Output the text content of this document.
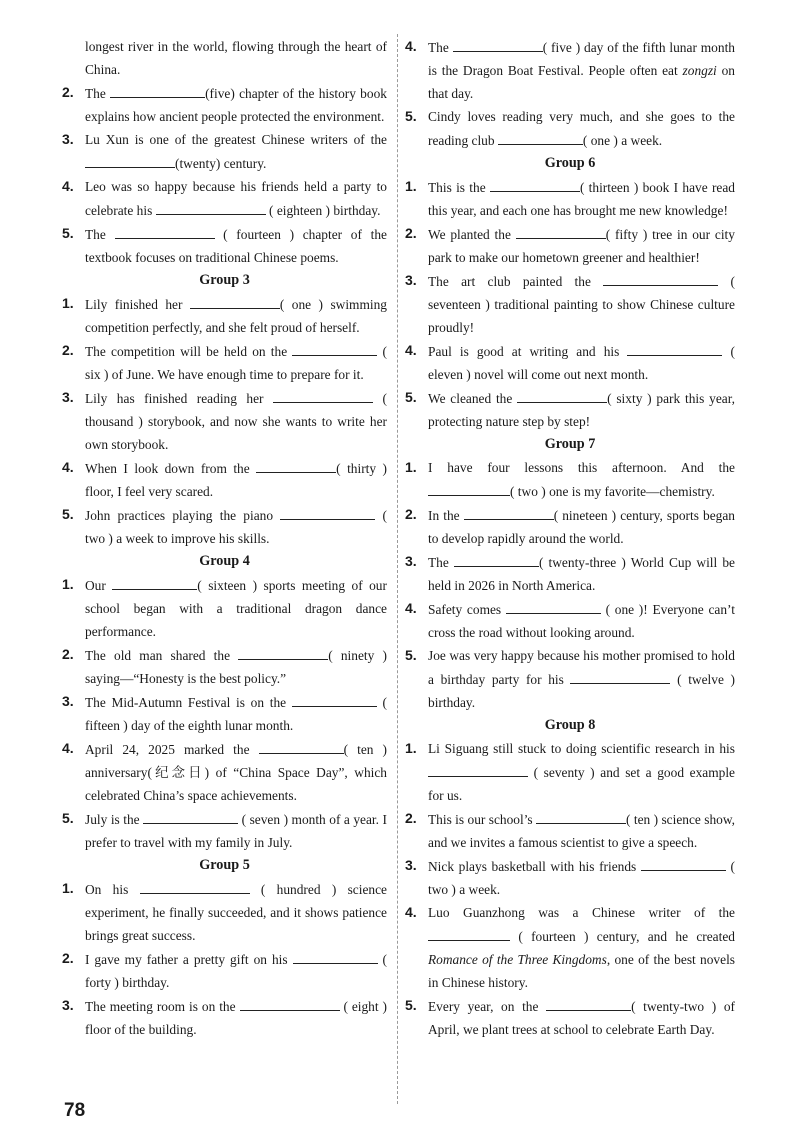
longest river in the world, flowing through the heart of China.

2. The	(five) chapter of the history book explains how ancient people protected the environment.

3. Lu Xun is one of the greatest Chinese writers of the (twenty) century.

4. Leo was so happy because his friends held a party to celebrate his	( eighteen ) birthday.

5. The	( fourteen ) chapter of the textbook focuses on traditional Chinese poems.

Group 3

1. Lily finished her	( one ) swimming competition perfectly, and she felt proud of herself.

2. The competition will be held on the	( six ) of June. We have enough time to prepare for it.

3. Lily has finished reading her	( thousand ) storybook, and now she wants to write her own storybook.

4. When I look down from the	( thirty ) floor, I feel very scared.

5. John practices playing the piano	( two ) a week to improve his skills.

Group 4

1. Our	( sixteen ) sports meeting of our school began with a traditional dragon dance performance.

2. The old man shared the	( ninety ) saying—“Honesty is the best policy.”

3. The Mid-Autumn Festival is on the	( fifteen ) day of the eighth lunar month.

4. April 24, 2025 marked the	( ten ) anniversary(纪念日) of “China Space Day”, which celebrated China’s space achievements.

5. July is the	( seven ) month of a year. I prefer to travel with my family in July.

Group 5

1. On his	( hundred ) science experiment, he finally succeeded, and it shows patience brings great success.

2. I gave my father a pretty gift on his	( forty ) birthday.

3. The meeting room is on the	( eight ) floor of the building.

4. The	( five ) day of the fifth lunar month is the Dragon Boat Festival. People often eat zongzi on that day.

5. Cindy loves reading very much, and she goes to the reading club	( one ) a week.

Group 6

1. This is the	( thirteen ) book I have read this year, and each one has brought me new knowledge!

2. We planted the	( fifty ) tree in our city park to make our hometown greener and healthier!

3. The art club painted the	( seventeen ) traditional painting to show Chinese culture proudly!

4. Paul is good at writing and his	( eleven ) novel will come out next month.

5. We cleaned the	( sixty ) park this year, protecting nature step by step!

Group 7

1. I have four lessons this afternoon. And the ( two ) one is my favorite—chemistry.

2. In the	( nineteen ) century, sports began to develop rapidly around the world.

3. The	( twenty-three ) World Cup will be held in 2026 in North America.

4. Safety comes	( one )! Everyone can’t cross the road without looking around.

5. Joe was very happy because his mother promised to hold a birthday party for his	( twelve ) birthday.

Group 8

1. Li Siguang still stuck to doing scientific research in his  ( seventy ) and set a good example for us.

2. This is our school’s	( ten ) science show, and we invites a famous scientist to give a speech.

3. Nick plays basketball with his friends	( two ) a week.

4. Luo Guanzhong was a Chinese writer of the  ( fourteen ) century, and he created Romance of the Three Kingdoms, one of the best novels in Chinese history.

5. Every year, on the	( twenty-two ) of April, we plant trees at school to celebrate Earth Day.

78
